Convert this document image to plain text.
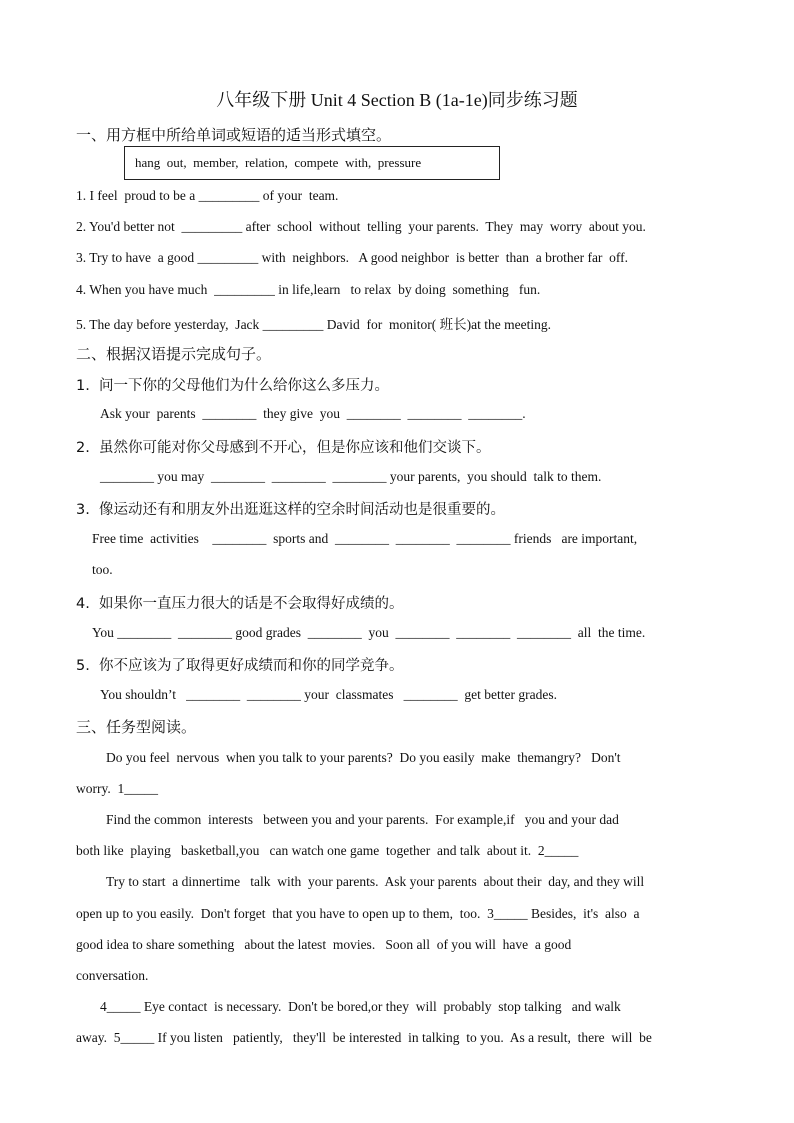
八年级下册 Unit 4 Section B (1a-1e)同步练习题
一、用方框中所给单词或短语的适当形式填空。
hang  out,  member,  relation,  compete  with,  pressure
1. I feel  proud to be a _________ of your  team.
2. You'd better not  _________ after  school  without  telling  your parents.  They  may  worry  about you.
3. Try to have  a good _________ with  neighbors.   A good neighbor  is better  than  a brother far  off.
4. When you have much  _________ in life,learn   to relax  by doing  something   fun.
5. The day before yesterday,  Jack _________ David  for  monitor( 班长)at the meeting.
二、根据汉语提示完成句子。
1.  问一下你的父母他们为什么给你这么多压力。
Ask your  parents  ________  they give  you  ________  ________  ________.
2.  虽然你可能对你父母感到不开心，但是你应该和他们交谈下。
________ you may  ________  ________  ________ your parents,  you should  talk to them.
3.  像运动还有和朋友外出逛逛这样的空余时间活动也是很重要的。
Free time  activities    ________  sports and  ________  ________  ________ friends   are important,
too.
4.  如果你一直压力很大的话是不会取得好成绩的。
You ________  ________ good grades  ________  you  ________  ________  ________  all  the time.
5.  你不应该为了取得更好成绩而和你的同学竞争。
You shouldn’t   ________  ________ your  classmates   ________  get better grades.
三、任务型阅读。
Do you feel  nervous  when you talk to your parents?  Do you easily  make  themangry?   Don't
worry.  1_____
Find the common  interests   between you and your parents.  For example,if   you and your dad
both like  playing   basketball,you   can watch one game  together  and talk  about it.  2_____
Try to start  a dinnertime   talk  with  your parents.  Ask your parents  about their  day, and they will
open up to you easily.  Don't forget  that you have to open up to them,  too.  3_____ Besides,  it's  also  a
good idea to share something   about the latest  movies.   Soon all  of you will  have  a good
conversation.
4_____ Eye contact  is necessary.  Don't be bored,or they  will  probably  stop talking   and walk
away.  5_____ If you listen   patiently,   they'll  be interested  in talking  to you.  As a result,  there  will  be
